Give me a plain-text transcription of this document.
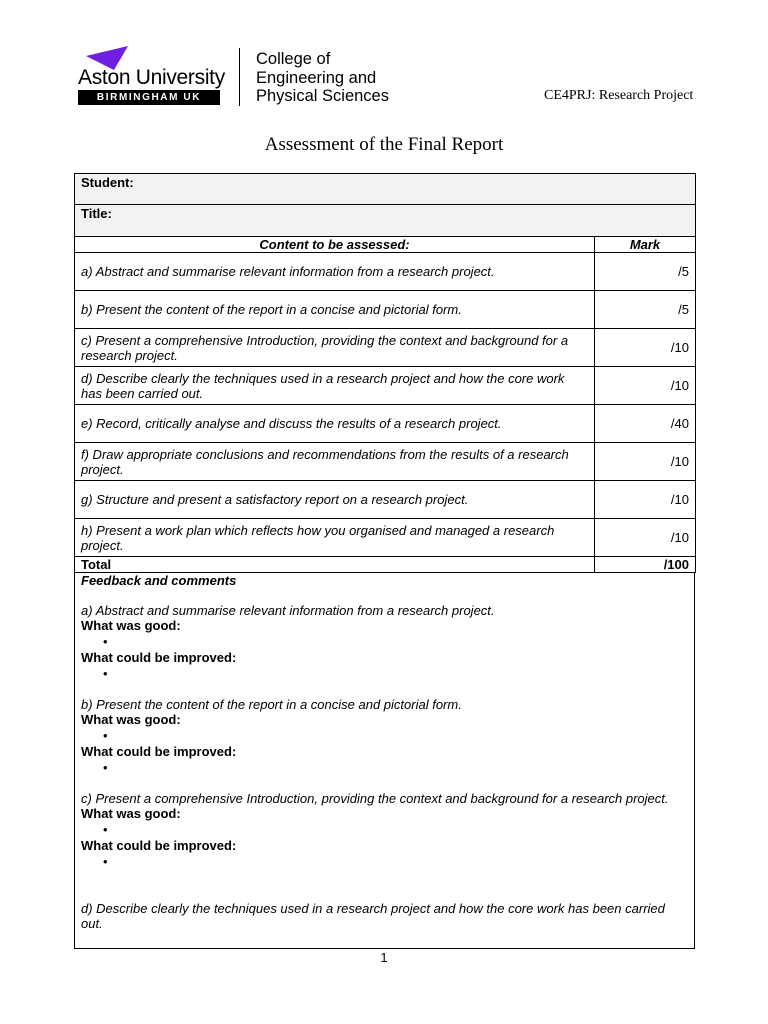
Aston University
BIRMINGHAM UK
College of
Engineering and
Physical Sciences	CE4PRJ: Research Project
Assessment of the Final Report
Student:	
Title:	
Content to be assessed:	Mark
a) Abstract and summarise relevant information from a research project.	/5
b) Present the content of the report in a concise and pictorial form.	/5
c) Present a comprehensive Introduction, providing the context and background for a research project.	/10
d) Describe clearly the techniques used in a research project and how the core work has been carried out.	/10
e) Record, critically analyse and discuss the results of a research project.	/40
f) Draw appropriate conclusions and recommendations from the results of a research project.	/10
g) Structure and present a satisfactory report on a research project.	/10
h) Present a work plan which reflects how you organised and managed a research project.	/10
Total	/100
Feedback and comments
a) Abstract and summarise relevant information from a research project.
What was good:
•
What could be improved:
•
b) Present the content of the report in a concise and pictorial form.
What was good:
•
What could be improved:
•
c) Present a comprehensive Introduction, providing the context and background for a research project.
What was good:
•
What could be improved:
•
d) Describe clearly the techniques used in a research project and how the core work has been carried out.
1
